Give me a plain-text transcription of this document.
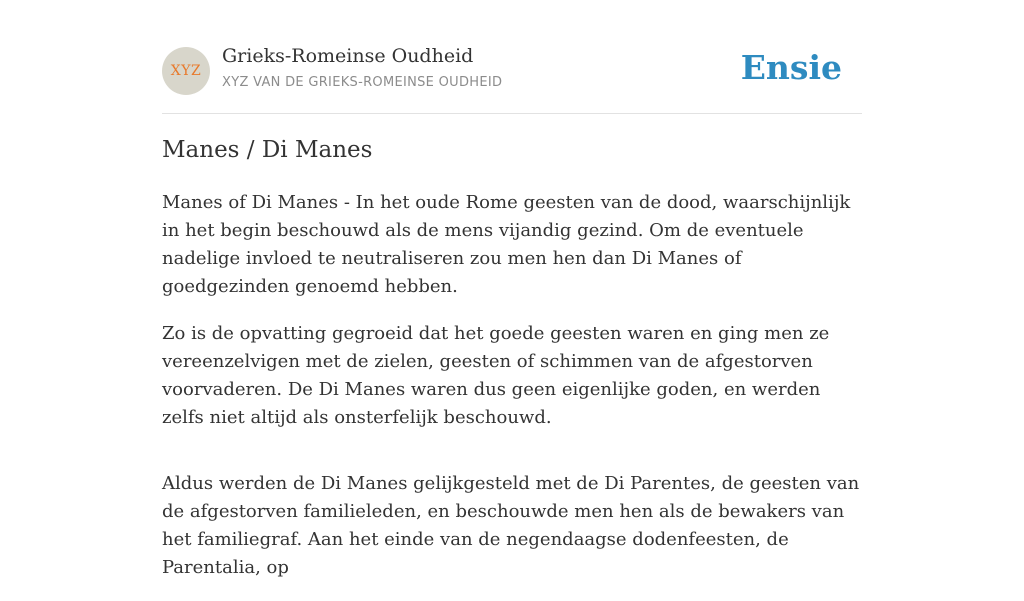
XYZ
Grieks-Romeinse Oudheid
XYZ VAN DE GRIEKS-ROMEINSE OUDHEID	Ensie
Manes / Di Manes

Manes of Di Manes - In het oude Rome geesten van de dood, waarschijnlijk in het begin beschouwd als de mens vijandig gezind. Om de eventuele nadelige invloed te neutraliseren zou men hen dan Di Manes of goedgezinden genoemd hebben.

Zo is de opvatting gegroeid dat het goede geesten waren en ging men ze vereenzelvigen met de zielen, geesten of schimmen van de afgestorven voorvaderen. De Di Manes waren dus geen eigenlijke goden, en werden zelfs niet altijd als onsterfelijk beschouwd.

Aldus werden de Di Manes gelijkgesteld met de Di Parentes, de geesten van de afgestorven familieleden, en beschouwde men hen als de bewakers van het familiegraf. Aan het einde van de negendaagse dodenfeesten, de Parentalia, op
